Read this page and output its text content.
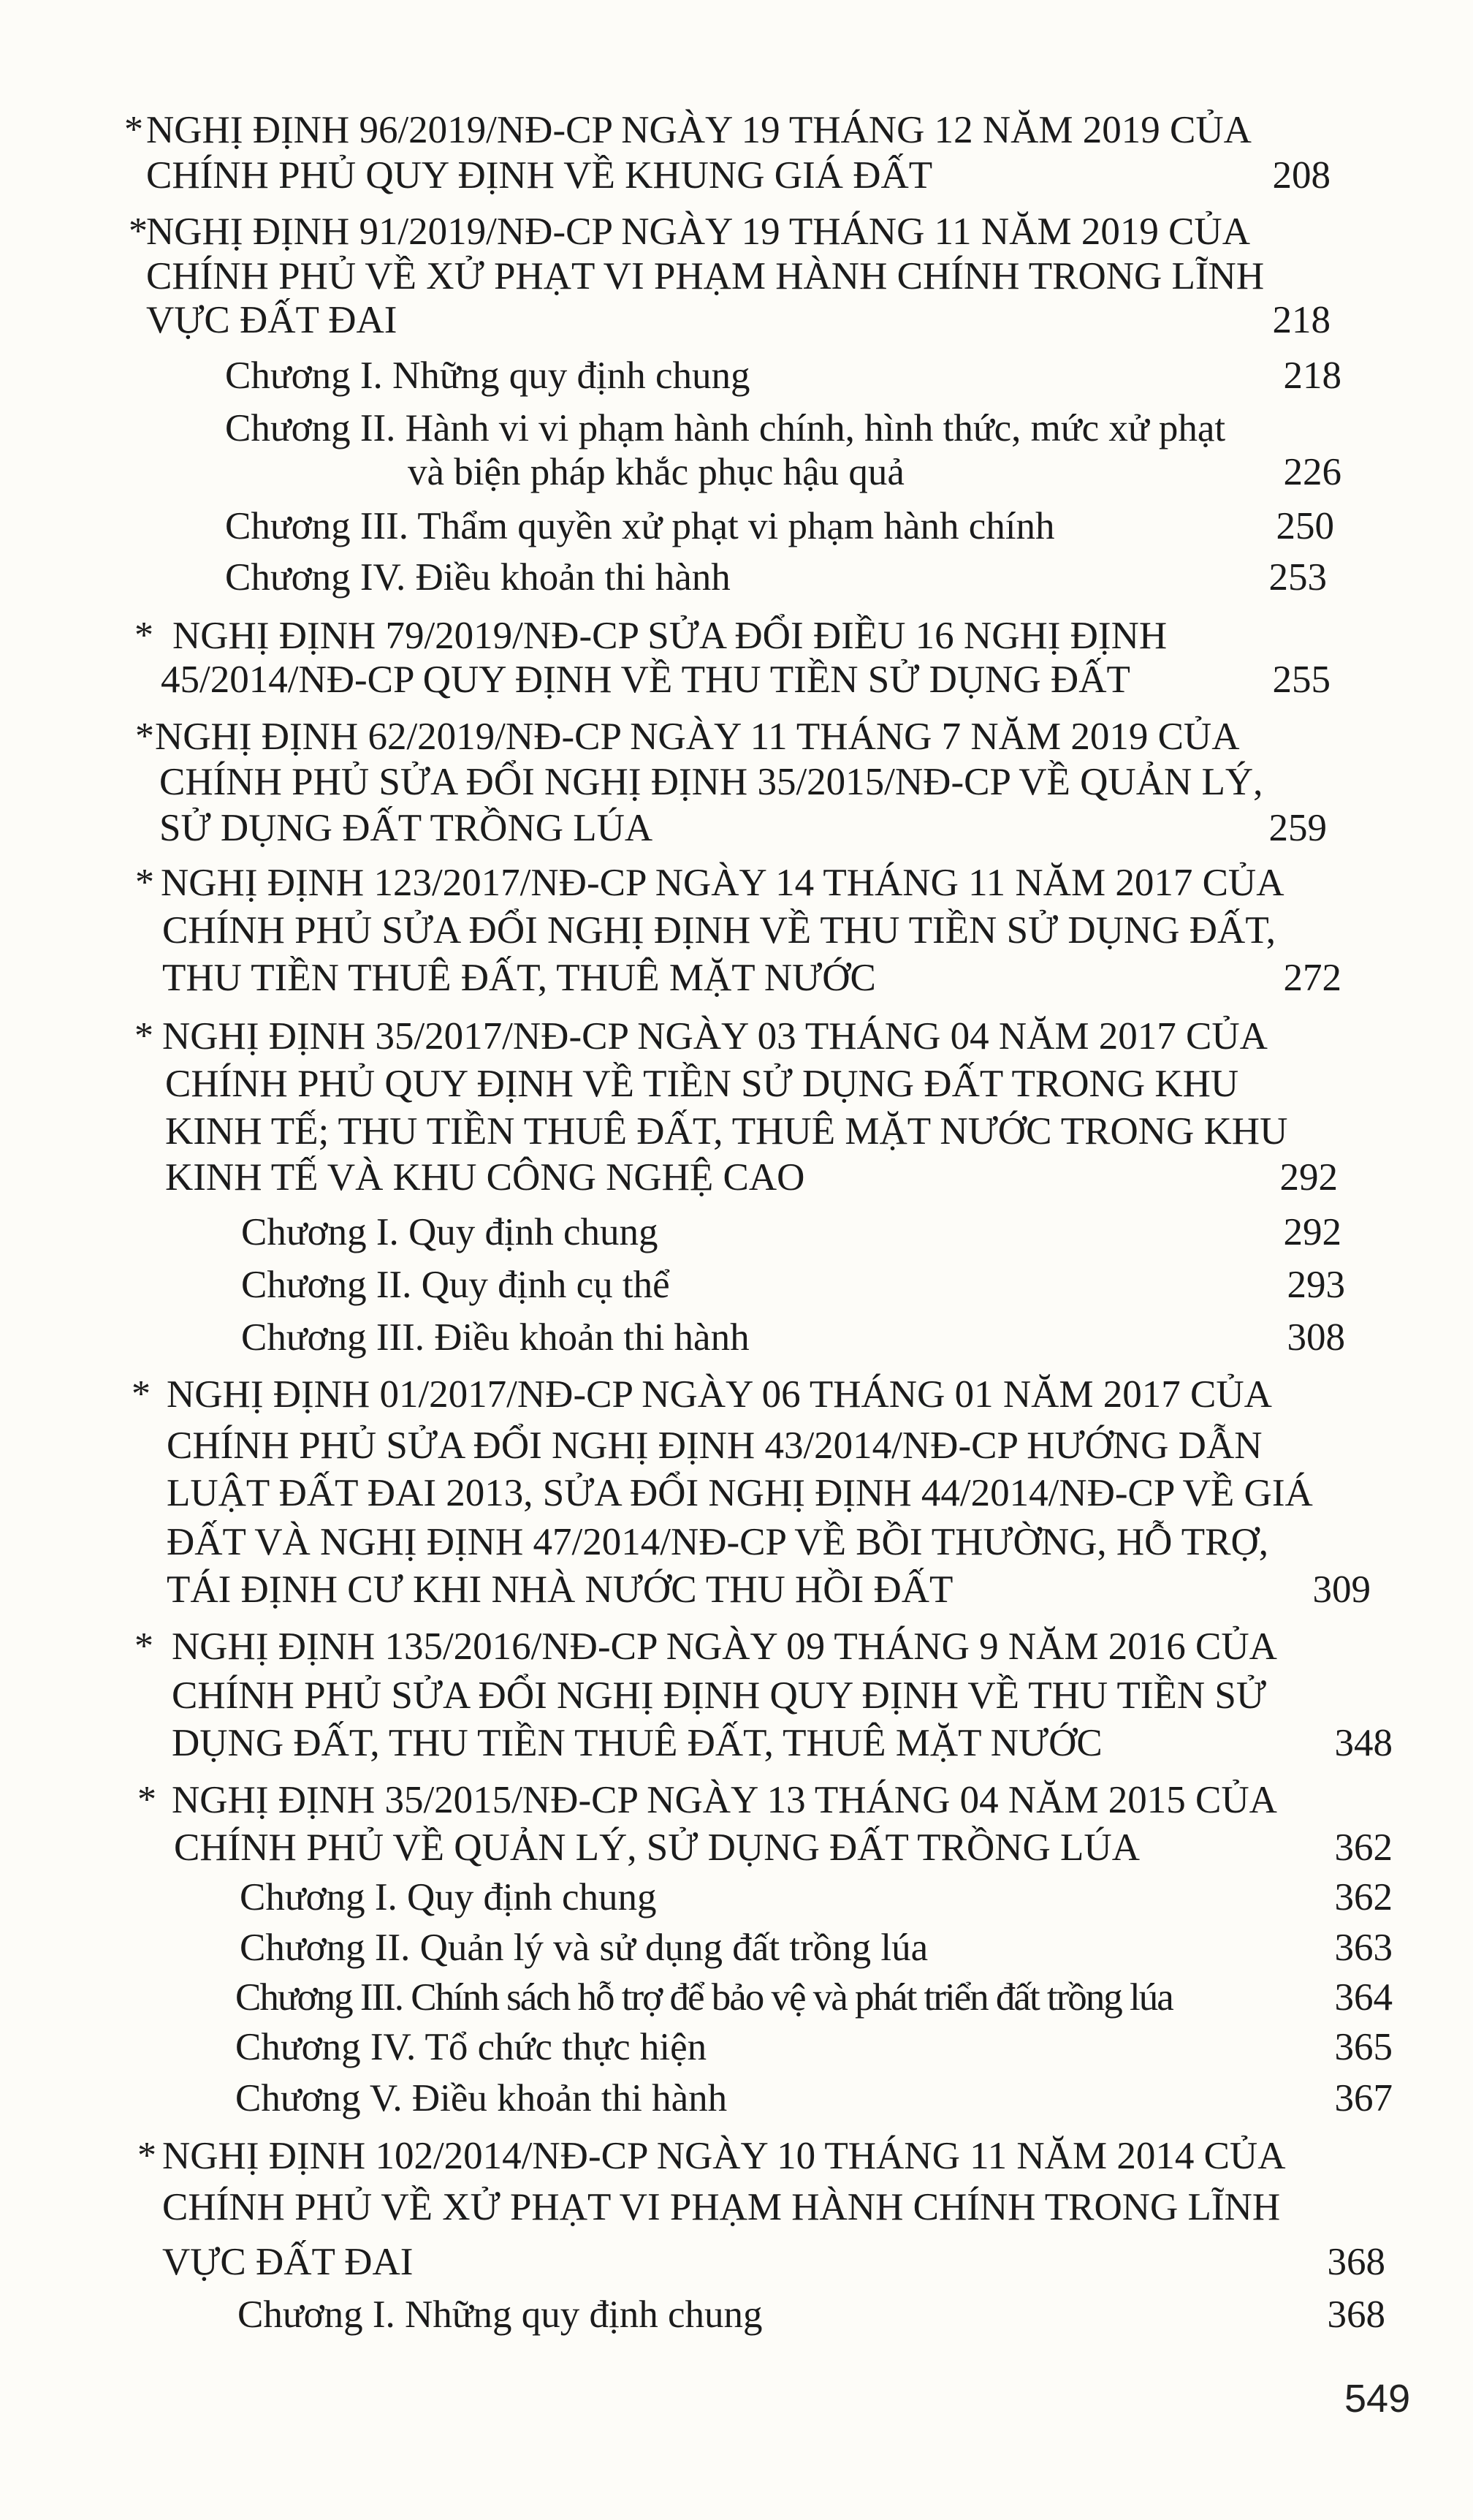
* NGHỊ ĐỊNH 96/2019/NĐ-CP NGÀY 19 THÁNG 12 NĂM 2019 CỦA
CHÍNH PHỦ QUY ĐỊNH VỀ KHUNG GIÁ ĐẤT	208
*
NGHỊ ĐỊNH 91/2019/NĐ-CP NGÀY 19 THÁNG 11 NĂM 2019 CỦA
CHÍNH PHỦ VỀ XỬ PHẠT VI PHẠM HÀNH CHÍNH TRONG LĨNH
VỰC ĐẤT ĐAI	218
Chương I. Những quy định chung	218
Chương II. Hành vi vi phạm hành chính, hình thức, mức xử phạt
và biện pháp khắc phục hậu quả	226
Chương III. Thẩm quyền xử phạt vi phạm hành chính	250
Chương IV. Điều khoản thi hành	253
* NGHỊ ĐỊNH 79/2019/NĐ-CP SỬA ĐỔI ĐIỀU 16 NGHỊ ĐỊNH
45/2014/NĐ-CP QUY ĐỊNH VỀ THU TIỀN SỬ DỤNG ĐẤT	255
* NGHỊ ĐỊNH 62/2019/NĐ-CP NGÀY 11 THÁNG 7 NĂM 2019 CỦA
CHÍNH PHỦ SỬA ĐỔI NGHỊ ĐỊNH 35/2015/NĐ-CP VỀ QUẢN LÝ,
SỬ DỤNG ĐẤT TRỒNG LÚA	259
* NGHỊ ĐỊNH 123/2017/NĐ-CP NGÀY 14 THÁNG 11 NĂM 2017 CỦA
CHÍNH PHỦ SỬA ĐỔI NGHỊ ĐỊNH VỀ THU TIỀN SỬ DỤNG ĐẤT,
THU TIỀN THUÊ ĐẤT, THUÊ MẶT NƯỚC	272
* NGHỊ ĐỊNH 35/2017/NĐ-CP NGÀY 03 THÁNG 04 NĂM 2017 CỦA
CHÍNH PHỦ QUY ĐỊNH VỀ TIỀN SỬ DỤNG ĐẤT TRONG KHU
KINH TẾ; THU TIỀN THUÊ ĐẤT, THUÊ MẶT NƯỚC TRONG KHU
KINH TẾ VÀ KHU CÔNG NGHỆ CAO	292
Chương I. Quy định chung	292
Chương II. Quy định cụ thể	293
Chương III. Điều khoản thi hành	308
* NGHỊ ĐỊNH 01/2017/NĐ-CP NGÀY 06 THÁNG 01 NĂM 2017 CỦA
CHÍNH PHỦ SỬA ĐỔI NGHỊ ĐỊNH 43/2014/NĐ-CP HƯỚNG DẪN
LUẬT ĐẤT ĐAI 2013, SỬA ĐỔI NGHỊ ĐỊNH 44/2014/NĐ-CP VỀ GIÁ
ĐẤT VÀ NGHỊ ĐỊNH 47/2014/NĐ-CP VỀ BỒI THƯỜNG, HỖ TRỢ,
TÁI ĐỊNH CƯ KHI NHÀ NƯỚC THU HỒI ĐẤT	309
* NGHỊ ĐỊNH 135/2016/NĐ-CP NGÀY 09 THÁNG 9 NĂM 2016 CỦA
CHÍNH PHỦ SỬA ĐỔI NGHỊ ĐỊNH QUY ĐỊNH VỀ THU TIỀN SỬ
DỤNG ĐẤT, THU TIỀN THUÊ ĐẤT, THUÊ MẶT NƯỚC	348
* NGHỊ ĐỊNH 35/2015/NĐ-CP NGÀY 13 THÁNG 04 NĂM 2015 CỦA
CHÍNH PHỦ VỀ QUẢN LÝ, SỬ DỤNG ĐẤT TRỒNG LÚA	362
Chương I. Quy định chung	362
Chương II. Quản lý và sử dụng đất trồng lúa	363
Chương III. Chính sách hỗ trợ để bảo vệ và phát triển đất trồng lúa	364
Chương IV. Tổ chức thực hiện	365
Chương V. Điều khoản thi hành	367
* NGHỊ ĐỊNH 102/2014/NĐ-CP NGÀY 10 THÁNG 11 NĂM 2014 CỦA
CHÍNH PHỦ VỀ XỬ PHẠT VI PHẠM HÀNH CHÍNH TRONG LĨNH
VỰC ĐẤT ĐAI	368
Chương I. Những quy định chung	368
549
